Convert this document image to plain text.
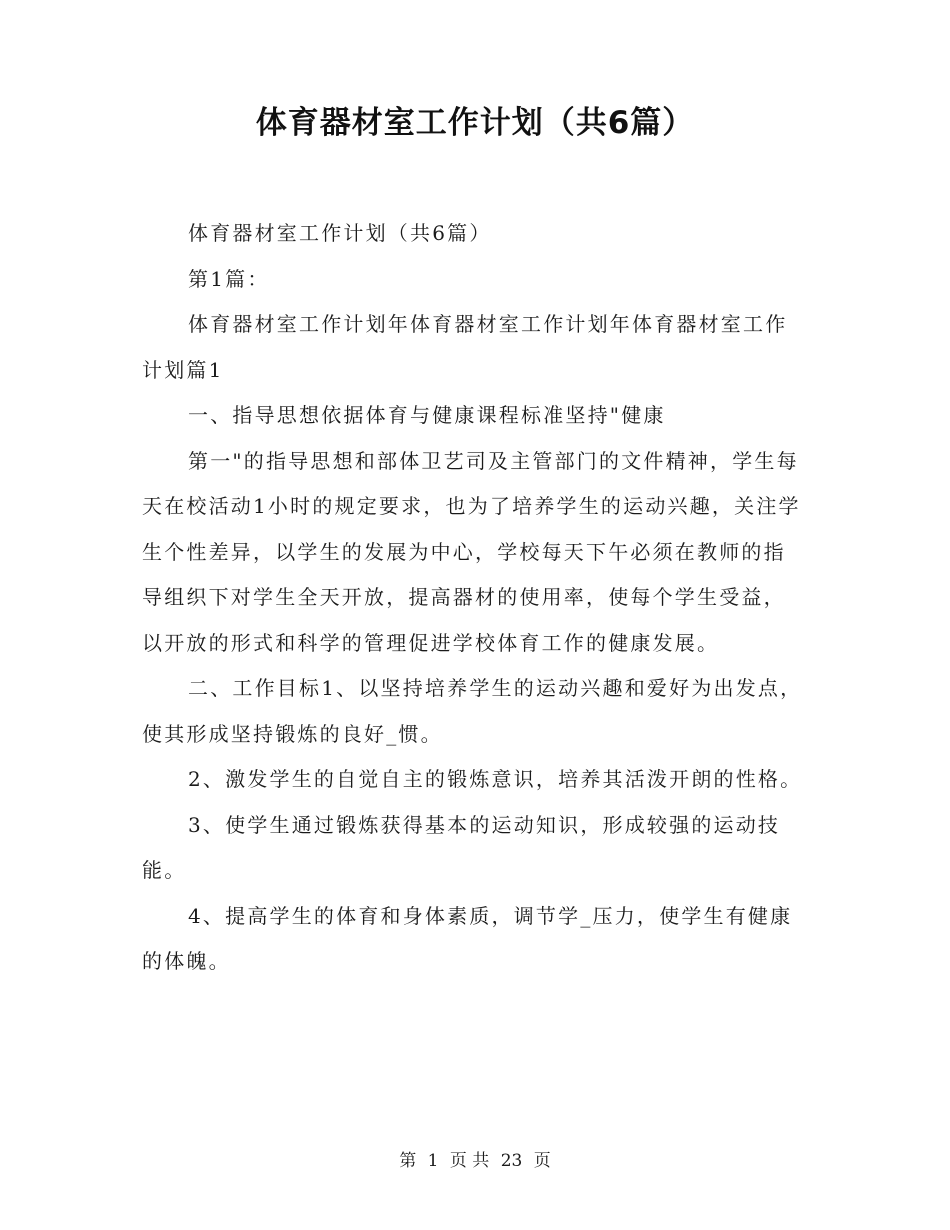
体育器材室工作计划（共6篇）

体育器材室工作计划（共6篇）

第1篇：

体育器材室工作计划年体育器材室工作计划年体育器材室工作计划篇1

一、指导思想依据体育与健康课程标准坚持"健康

第一"的指导思想和部体卫艺司及主管部门的文件精神，学生每天在校活动1小时的规定要求，也为了培养学生的运动兴趣，关注学生个性差异，以学生的发展为中心，学校每天下午必须在教师的指导组织下对学生全天开放，提高器材的使用率，使每个学生受益，以开放的形式和科学的管理促进学校体育工作的健康发展。

二、工作目标1、以坚持培养学生的运动兴趣和爱好为出发点，使其形成坚持锻炼的良好_惯。

2、激发学生的自觉自主的锻炼意识，培养其活泼开朗的性格。

3、使学生通过锻炼获得基本的运动知识，形成较强的运动技能。

4、提高学生的体育和身体素质，调节学_压力，使学生有健康的体魄。

第 1 页 共 23 页
